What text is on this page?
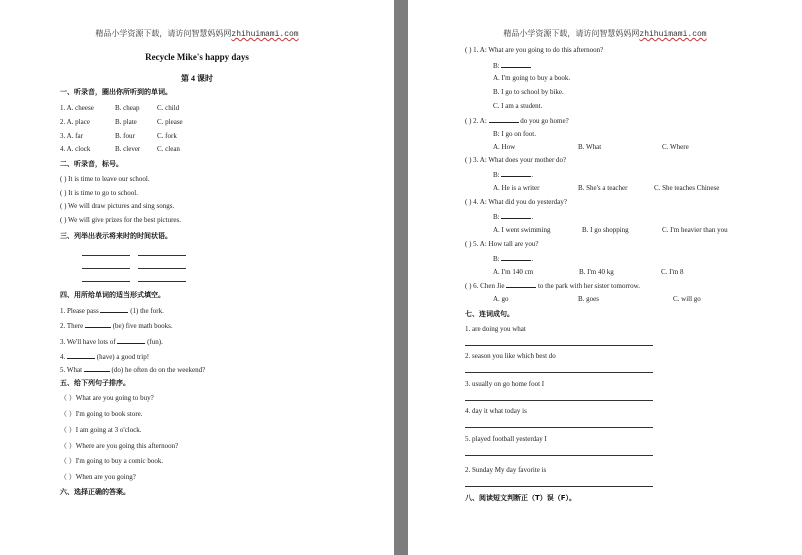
精品小学资源下载，请访问智慧妈妈网zhihuimami.com
Recycle Mike's happy days
第 4 课时
一、听录音，圈出你所听到的单词。
1. A. cheese	B. cheap	C. child
2. A. place	B. plate	C. please
3. A. far	B. four	C. fork
4. A. clock	B. clever C. clean
二、听录音，标号。
( ) It is time to leave our school.
( ) It is time to go to school.
( ) We will draw pictures and sing songs.
( ) We will give prizes for the best pictures.
三、列举出表示将来时的时间状语。
四、用所给单词的适当形式填空。
1. Please pass	(1) the fork.
2. There	(be) five math books.
3. We'll have lots of	(fun).
4.	(have) a good trip!
5. What	(do) he often do on the weekend?
五、给下列句子排序。
（ ）What are you going to buy?
（ ）I'm going to book store.
（ ）I am going at 3 o'clock.
（ ）Where are you going this afternoon?
（ ）I'm going to buy a comic book.
（ ）When are you going?
六、选择正确的答案。
精品小学资源下载，请访问智慧妈妈网zhihuimami.com
( ) 1. A: What are you going to do this afternoon?
B:
A. I'm going to buy a book.
B. I go to school by bike.
C. I am a student.
( ) 2. A:	do you go home?
B: I go on foot.
A. How	B. What	C. Where
( ) 3. A: What does your mother do?
B:	.
A. He is a writer	B. She's a teacher	C. She teaches Chinese
( ) 4. A: What did you do yesterday?
B:	.
A. I went swimming	B. I go shopping	C. I'm heavier than you
( ) 5. A: How tall are you?
B:	.
A. I'm 140 cm	B. I'm 40 kg	C. I'm 8
( ) 6. Chen Jie	to the park with her sister tomorrow.
A. go	B. goes	C. will go
七、连词成句。
1. are doing you what
2. season you like which best do
3. usually on go home foot I
4. day it what today is
5. played football yesterday I
2. Sunday My day favorite is
八、阅读短文判断正（T）误（F）。
